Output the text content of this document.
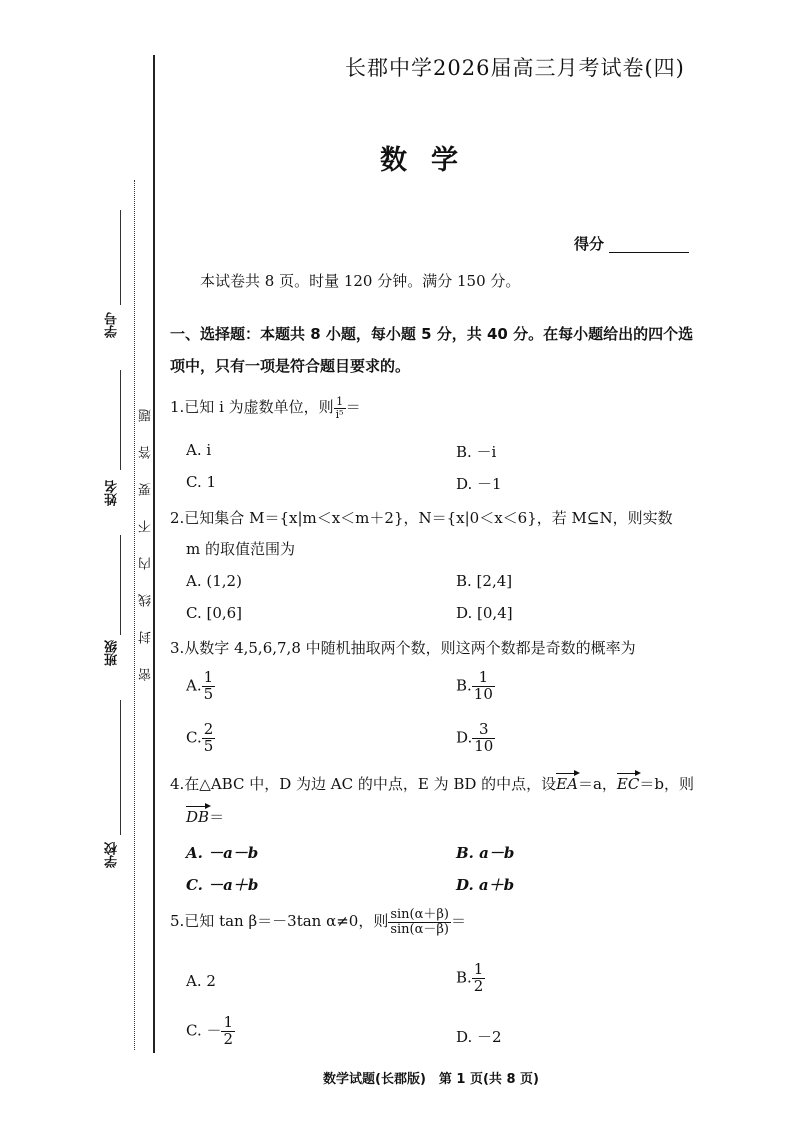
学号
姓名
班级
学校
密封线内不要答题
长郡中学2026届高三月考试卷(四)
数学
得分
本试卷共 8 页。时量 120 分钟。满分 150 分。
一、选择题：本题共 8 小题，每小题 5 分，共 40 分。在每小题给出的四个选项中，只有一项是符合题目要求的。
1.已知 i 为虚数单位，则 $\frac{1}{\text{i⁵}}$ ＝
A. i	B. －i
C. 1	D. －1
2.已知集合 M＝{x|m＜x＜m＋2}，N＝{x|0＜x＜6}，若 M⊆N，则实数
m 的取值范围为
A. (1,2)	B. [2,4]
C. [0,6]	D. [0,4]
3.从数字 4,5,6,7,8 中随机抽取两个数，则这两个数都是奇数的概率为
A. $\frac{1}{5}$	B. $\frac{1}{10}$
C. $\frac{2}{5}$	D. $\frac{3}{10}$
4.在△ABC 中，D 为边 AC 的中点，E 为 BD 的中点，设EA＝a，EC＝b，则
DB＝
A. －a－b	B. a－b
C. －a＋b	D. a＋b
5.已知 tan β＝－3tan α≠0，则 $\frac{\sin(\alpha+\beta)}{\sin(\alpha-\beta)}$ ＝
A. 2	B. $\frac{1}{2}$
C. － $\frac{1}{2}$	D. －2
数学试题(长郡版)　第 1 页(共 8 页)
